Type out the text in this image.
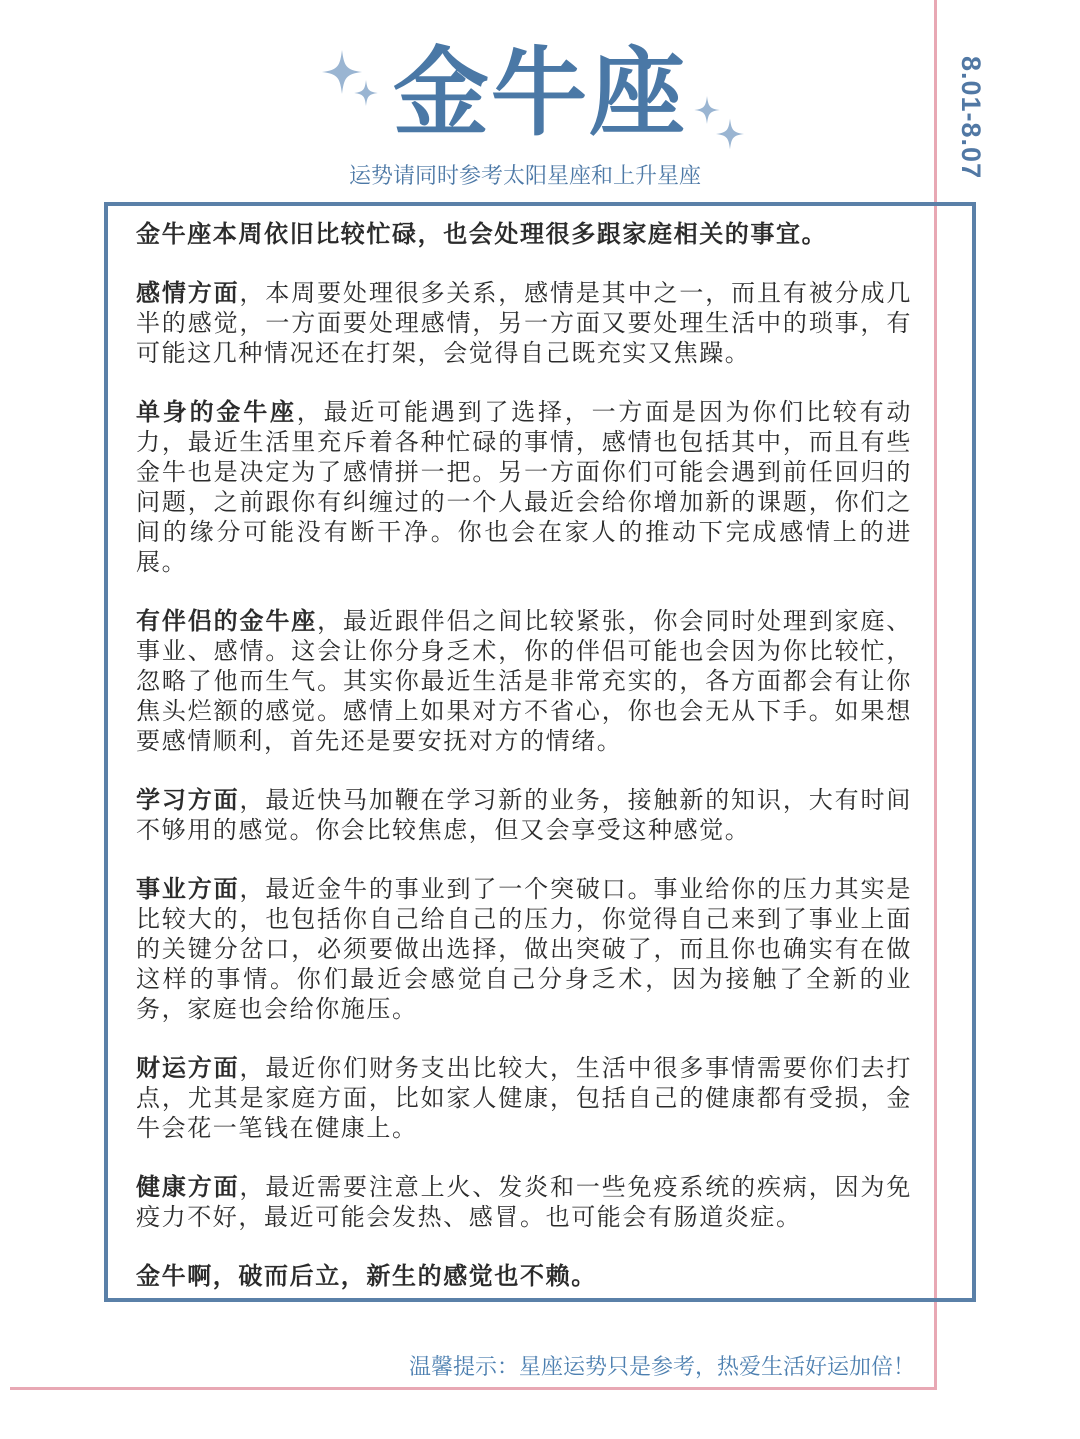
8.01-8.07
金牛座
运势请同时参考太阳星座和上升星座

金牛座本周依旧比较忙碌，也会处理很多跟家庭相关的事宜。

感情方面，本周要处理很多关系，感情是其中之一，而且有被分成几半的感觉，一方面要处理感情，另一方面又要处理生活中的琐事，有可能这几种情况还在打架，会觉得自己既充实又焦躁。

单身的金牛座，最近可能遇到了选择，一方面是因为你们比较有动力，最近生活里充斥着各种忙碌的事情，感情也包括其中，而且有些金牛也是决定为了感情拼一把。另一方面你们可能会遇到前任回归的问题，之前跟你有纠缠过的一个人最近会给你增加新的课题，你们之间的缘分可能没有断干净。你也会在家人的推动下完成感情上的进展。

有伴侣的金牛座，最近跟伴侣之间比较紧张，你会同时处理到家庭、事业、感情。这会让你分身乏术，你的伴侣可能也会因为你比较忙，忽略了他而生气。其实你最近生活是非常充实的，各方面都会有让你焦头烂额的感觉。感情上如果对方不省心，你也会无从下手。如果想要感情顺利，首先还是要安抚对方的情绪。

学习方面，最近快马加鞭在学习新的业务，接触新的知识，大有时间不够用的感觉。你会比较焦虑，但又会享受这种感觉。

事业方面，最近金牛的事业到了一个突破口。事业给你的压力其实是比较大的，也包括你自己给自己的压力，你觉得自己来到了事业上面的关键分岔口，必须要做出选择，做出突破了，而且你也确实有在做这样的事情。你们最近会感觉自己分身乏术，因为接触了全新的业务，家庭也会给你施压。

财运方面，最近你们财务支出比较大，生活中很多事情需要你们去打点，尤其是家庭方面，比如家人健康，包括自己的健康都有受损，金牛会花一笔钱在健康上。

健康方面，最近需要注意上火、发炎和一些免疫系统的疾病，因为免疫力不好，最近可能会发热、感冒。也可能会有肠道炎症。

金牛啊，破而后立，新生的感觉也不赖。

温馨提示：星座运势只是参考，热爱生活好运加倍！
